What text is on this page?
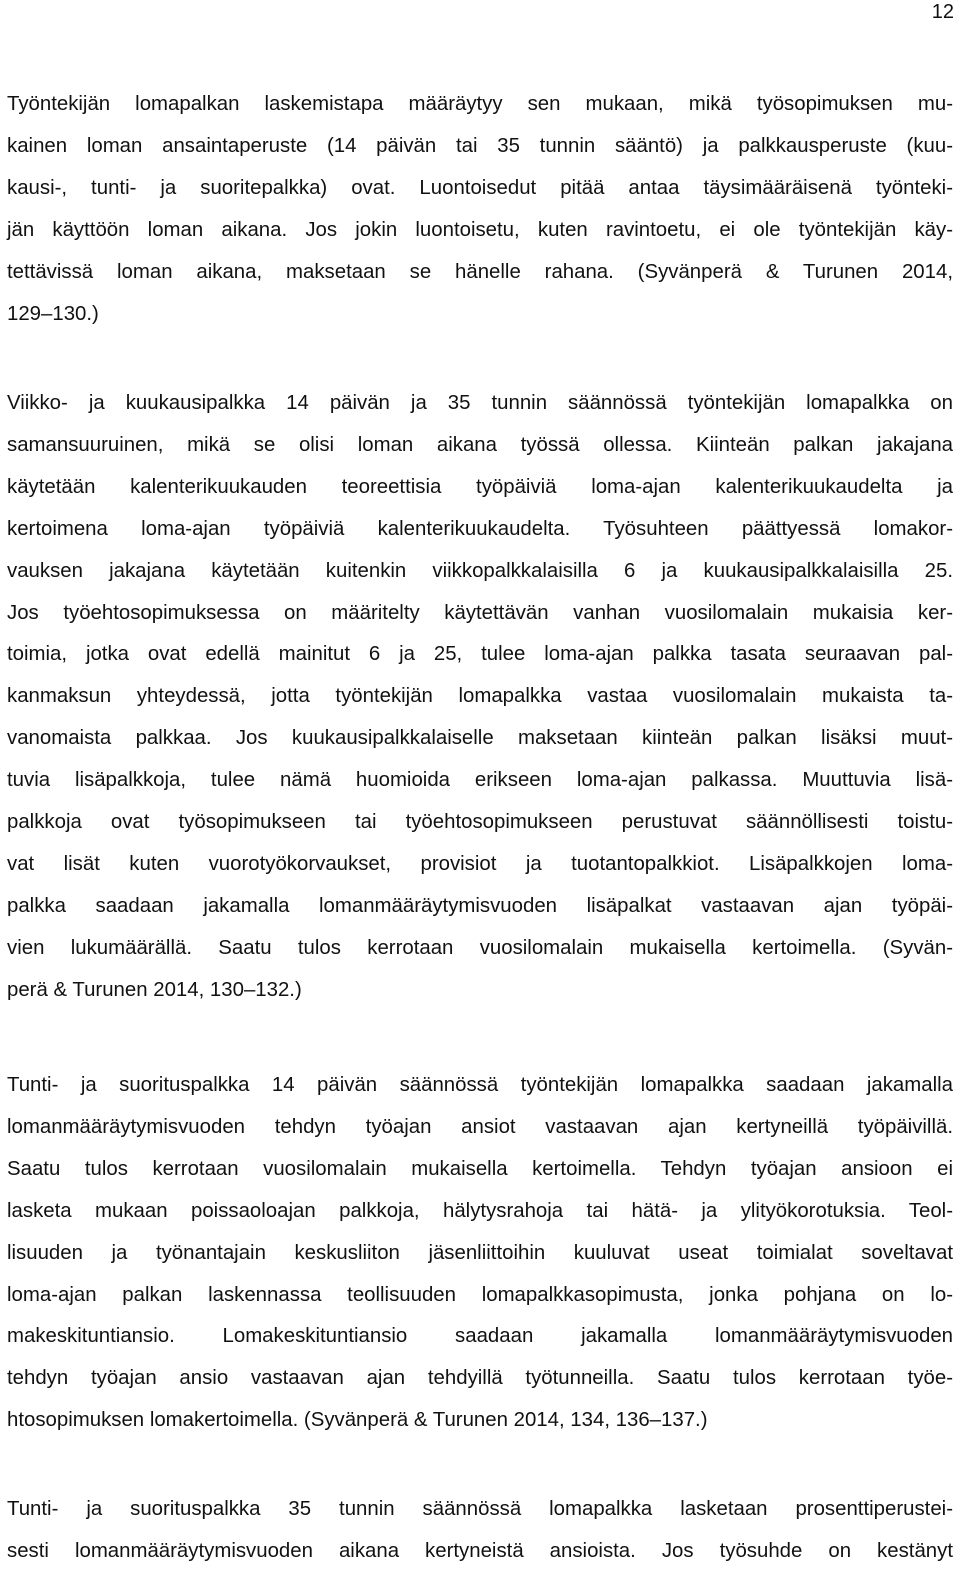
12

Työntekijän lomapalkan laskemistapa määräytyy sen mukaan, mikä työsopimuksen mu-
kainen loman ansaintaperuste (14 päivän tai 35 tunnin sääntö) ja palkkausperuste (kuu-
kausi-, tunti- ja suoritepalkka) ovat. Luontoisedut pitää antaa täysimääräisenä työnteki-
jän käyttöön loman aikana. Jos jokin luontoisetu, kuten ravintoetu, ei ole työntekijän käy-
tettävissä loman aikana, maksetaan se hänelle rahana. (Syvänperä & Turunen 2014,
129–130.)

Viikko- ja kuukausipalkka 14 päivän ja 35 tunnin säännössä työntekijän lomapalkka on
samansuuruinen, mikä se olisi loman aikana työssä ollessa. Kiinteän palkan jakajana
käytetään kalenterikuukauden teoreettisia työpäiviä loma-ajan kalenterikuukaudelta ja
kertoimena loma-ajan työpäiviä kalenterikuukaudelta. Työsuhteen päättyessä lomakor-
vauksen jakajana käytetään kuitenkin viikkopalkkalaisilla 6 ja kuukausipalkkalaisilla 25.
Jos työehtosopimuksessa on määritelty käytettävän vanhan vuosilomalain mukaisia ker-
toimia, jotka ovat edellä mainitut 6 ja 25, tulee loma-ajan palkka tasata seuraavan pal-
kanmaksun yhteydessä, jotta työntekijän lomapalkka vastaa vuosilomalain mukaista ta-
vanomaista palkkaa. Jos kuukausipalkkalaiselle maksetaan kiinteän palkan lisäksi muut-
tuvia lisäpalkkoja, tulee nämä huomioida erikseen loma-ajan palkassa. Muuttuvia lisä-
palkkoja ovat työsopimukseen tai työehtosopimukseen perustuvat säännöllisesti toistu-
vat lisät kuten vuorotyökorvaukset, provisiot ja tuotantopalkkiot. Lisäpalkkojen loma-
palkka saadaan jakamalla lomanmääräytymisvuoden lisäpalkat vastaavan ajan työpäi-
vien lukumäärällä. Saatu tulos kerrotaan vuosilomalain mukaisella kertoimella. (Syvän-
perä & Turunen 2014, 130–132.)

Tunti- ja suorituspalkka 14 päivän säännössä työntekijän lomapalkka saadaan jakamalla
lomanmääräytymisvuoden tehdyn työajan ansiot vastaavan ajan kertyneillä työpäivillä.
Saatu tulos kerrotaan vuosilomalain mukaisella kertoimella. Tehdyn työajan ansioon ei
lasketa mukaan poissaoloajan palkkoja, hälytysrahoja tai hätä- ja ylityökorotuksia. Teol-
lisuuden ja työnantajain keskusliiton jäsenliittoihin kuuluvat useat toimialat soveltavat
loma-ajan palkan laskennassa teollisuuden lomapalkkasopimusta, jonka pohjana on lo-
makeskituntiansio. Lomakeskituntiansio saadaan jakamalla lomanmääräytymisvuoden
tehdyn työajan ansio vastaavan ajan tehdyillä työtunneilla. Saatu tulos kerrotaan työe-
htosopimuksen lomakertoimella. (Syvänperä & Turunen 2014, 134, 136–137.)

Tunti- ja suorituspalkka 35 tunnin säännössä lomapalkka lasketaan prosenttiperustei-
sesti lomanmääräytymisvuoden aikana kertyneistä ansioista. Jos työsuhde on kestänyt
